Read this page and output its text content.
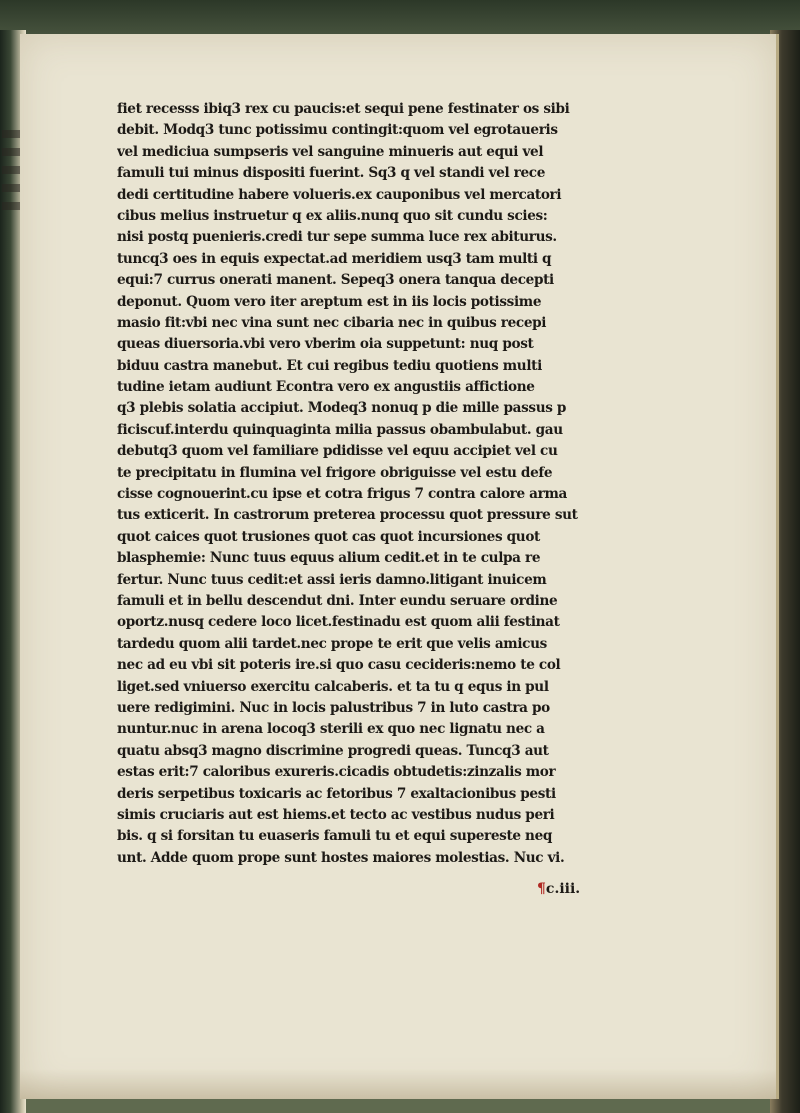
fiet recesss ibiq3 rex cu paucis:et sequi pene festinater os sibi
debit. Modq3 tunc potissimu contingit:quom vel egrotaueris
vel mediciua sumpseris vel sanguine minueris aut equi vel
famuli tui minus dispositi fuerint. Sq3 q vel standi vel rece
dedi certitudine habere volueris.ex cauponibus vel mercatori
cibus melius instruetur q ex aliis.nunq quo sit cundu scies:
nisi postq puenieris.credi tur sepe summa luce rex abiturus.
tuncq3 oes in equis expectat.ad meridiem usq3 tam multi q
equi:7 currus onerati manent. Sepeq3 onera tanqua decepti
deponut. Quom vero iter areptum est in iis locis potissime
masio fit:vbi nec vina sunt nec cibaria nec in quibus recepi
queas diuersoria.vbi vero vberim oia suppetunt: nuq post
biduu castra manebut. Et cui regibus tediu quotiens multi
tudine ietam audiunt Econtra vero ex angustiis affictione
q3 plebis solatia accipiut. Modeq3 nonuq p die mille passus p
ficiscuf.interdu quinquaginta milia passus obambulabut. gau
debutq3 quom vel familiare pdidisse vel equu accipiet vel cu
te precipitatu in flumina vel frigore obriguisse vel estu defe
cisse cognouerint.cu ipse et cotra frigus 7 contra calore arma
tus exticerit. In castrorum preterea processu quot pressure sut
quot caices quot trusiones quot cas quot incursiones quot
blasphemie: Nunc tuus equus alium cedit.et in te culpa re
fertur. Nunc tuus cedit:et assi ieris damno.litigant inuicem
famuli et in bellu descendut dni. Inter eundu seruare ordine
oportz.nusq cedere loco licet.festinadu est quom alii festinat
tardedu quom alii tardet.nec prope te erit que velis amicus
nec ad eu vbi sit poteris ire.si quo casu cecideris:nemo te col
liget.sed vniuerso exercitu calcaberis. et ta tu q equs in pul
uere redigimini. Nuc in locis palustribus 7 in luto castra po
nuntur.nuc in arena locoq3 sterili ex quo nec lignatu nec a
quatu absq3 magno discrimine progredi queas. Tuncq3 aut
estas erit:7 caloribus exureris.cicadis obtudetis:zinzalis mor
deris serpetibus toxicaris ac fetoribus 7 exaltacionibus pesti
simis cruciaris aut est hiems.et tecto ac vestibus nudus peri
bis. q si forsitan tu euaseris famuli tu et equi supereste neq
unt. Adde quom prope sunt hostes maiores molestias. Nuc vi.
¶c.iii.
